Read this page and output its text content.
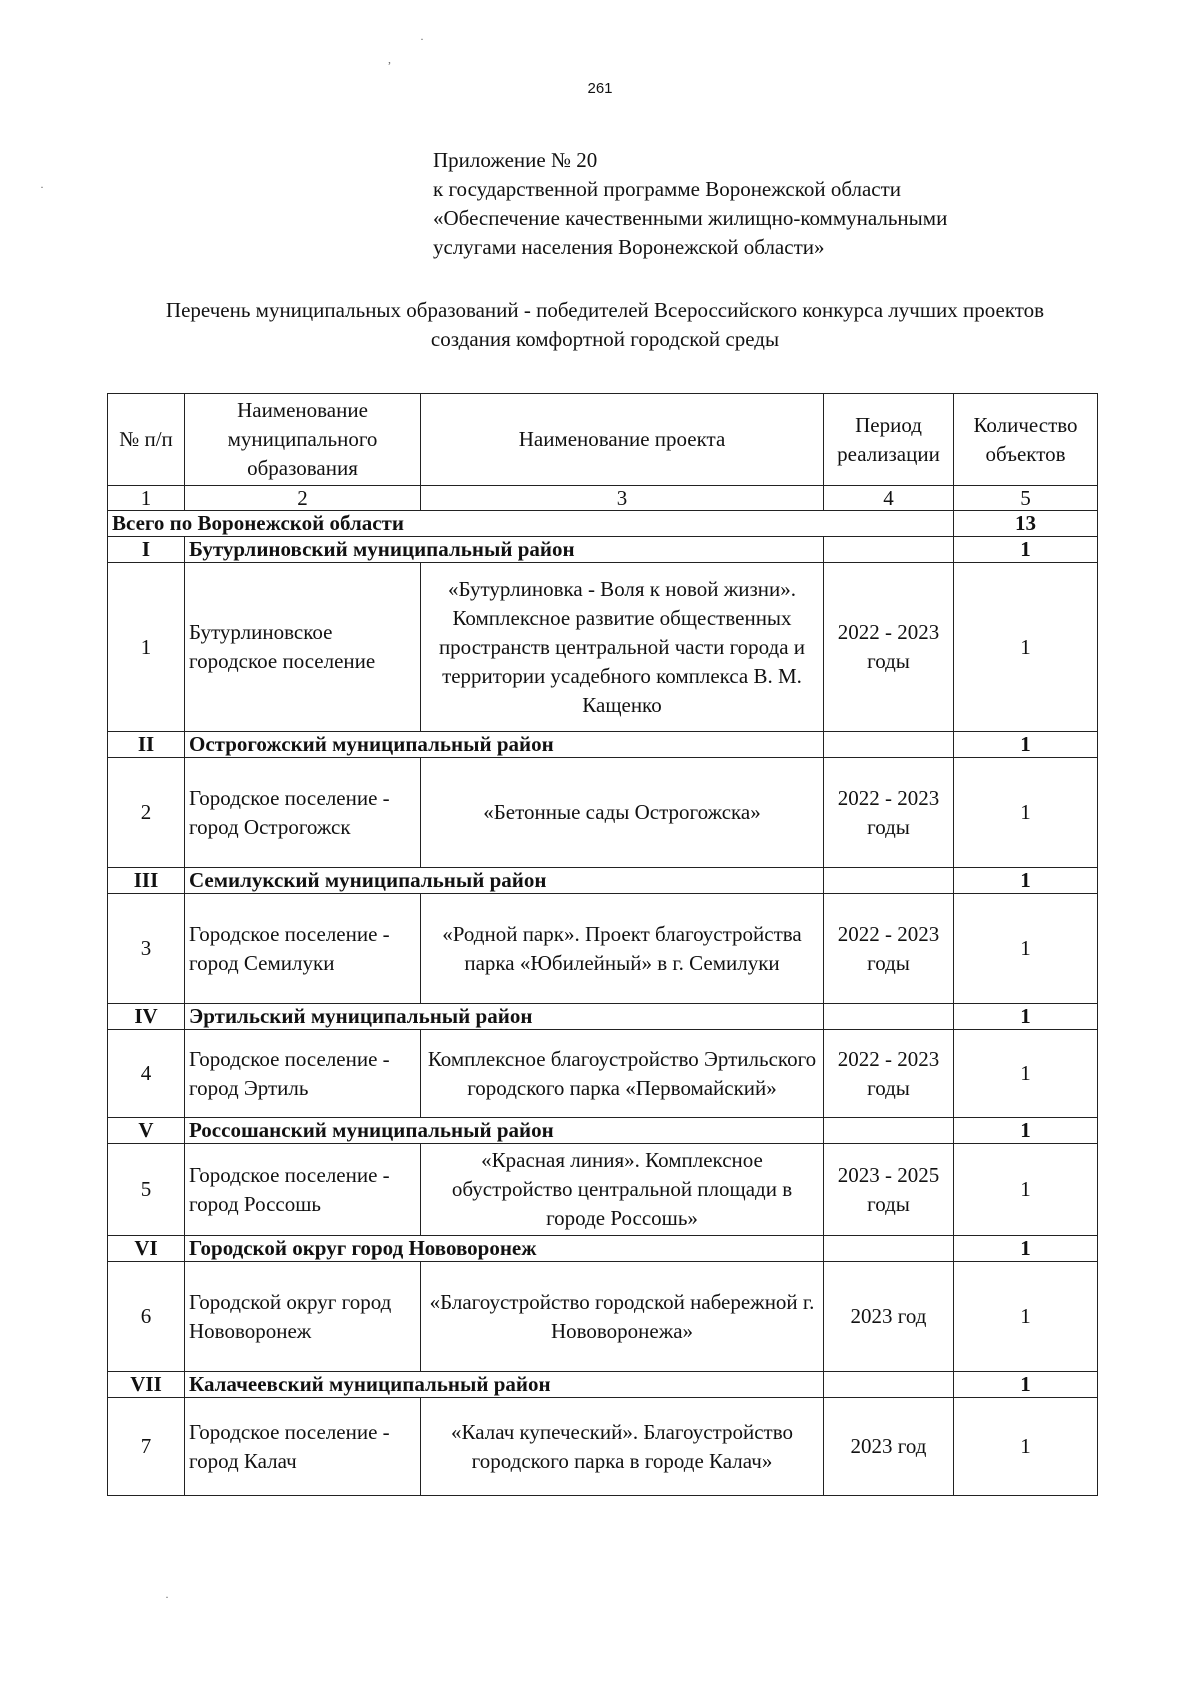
261
Приложение № 20
к государственной программе Воронежской области
«Обеспечение качественными жилищно-коммунальными
услугами населения Воронежской области»
Перечень муниципальных образований - победителей Всероссийского конкурса лучших проектов создания комфортной городской среды
№ п/п	Наименование муниципального образования	Наименование проекта	Период реализации	Количество объектов
1	2	3	4	5
Всего по Воронежской области				13
I	Бутурлиновский муниципальный район			1
1	Бутурлиновское городское поселение	«Бутурлиновка - Воля к новой жизни». Комплексное развитие общественных пространств центральной части города и территории усадебного комплекса В. М. Кащенко	2022 - 2023 годы	1
II	Острогожский муниципальный район			1
2	Городское поселение - город Острогожск	«Бетонные сады Острогожска»	2022 - 2023 годы	1
III	Семилукский муниципальный район			1
3	Городское поселение - город Семилуки	«Родной парк». Проект благоустройства парка «Юбилейный» в г. Семилуки	2022 - 2023 годы	1
IV	Эртильский муниципальный район			1
4	Городское поселение - город Эртиль	Комплексное благоустройство Эртильского городского парка «Первомайский»	2022 - 2023 годы	1
V	Россошанский муниципальный район			1
5	Городское поселение - город Россошь	«Красная линия». Комплексное обустройство центральной площади в городе Россошь»	2023 - 2025 годы	1
VI	Городской округ город Нововоронеж			1
6	Городской округ город Нововоронеж	«Благоустройство городской набережной г. Нововоронежа»	2023 год	1
VII	Калачеевский муниципальный район			1
7	Городское поселение - город Калач	«Калач купеческий». Благоустройство городского парка в городе Калач»	2023 год	1
·
,
·
·
